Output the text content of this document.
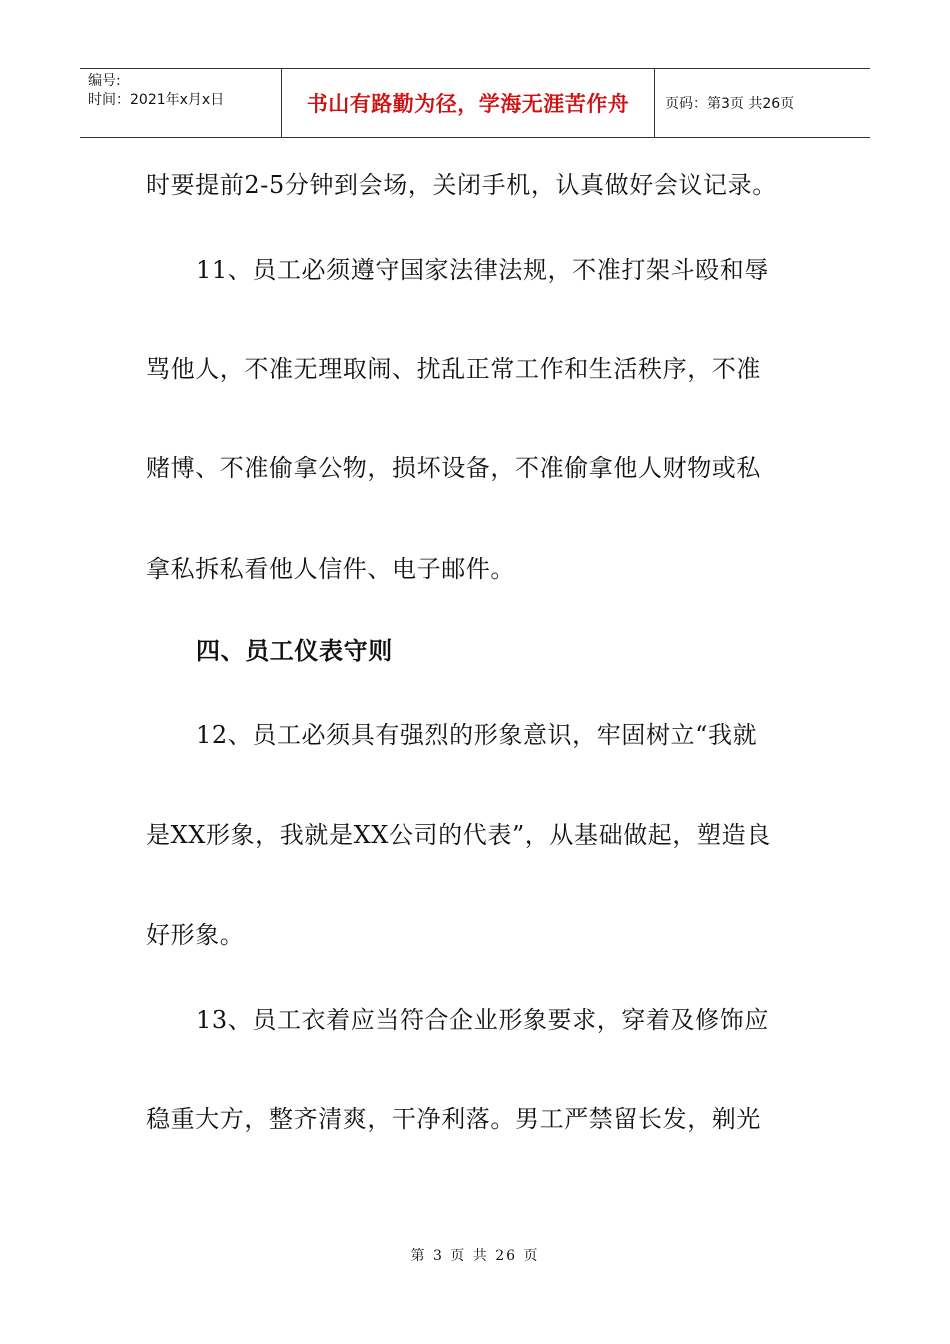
编号:
时间：2021年x月x日	书山有路勤为径，学海无涯苦作舟	页码：第3页 共26页
时要提前2-5分钟到会场，关闭手机，认真做好会议记录。
11、员工必须遵守国家法律法规，不准打架斗殴和辱
骂他人，不准无理取闹、扰乱正常工作和生活秩序，不准
赌博、不准偷拿公物，损坏设备，不准偷拿他人财物或私
拿私拆私看他人信件、电子邮件。
四、员工仪表守则
12、员工必须具有强烈的形象意识，牢固树立“我就
是XX形象，我就是XX公司的代表”，从基础做起，塑造良
好形象。
13、员工衣着应当符合企业形象要求，穿着及修饰应
稳重大方，整齐清爽，干净利落。男工严禁留长发，剃光
第 3 页 共 26 页
